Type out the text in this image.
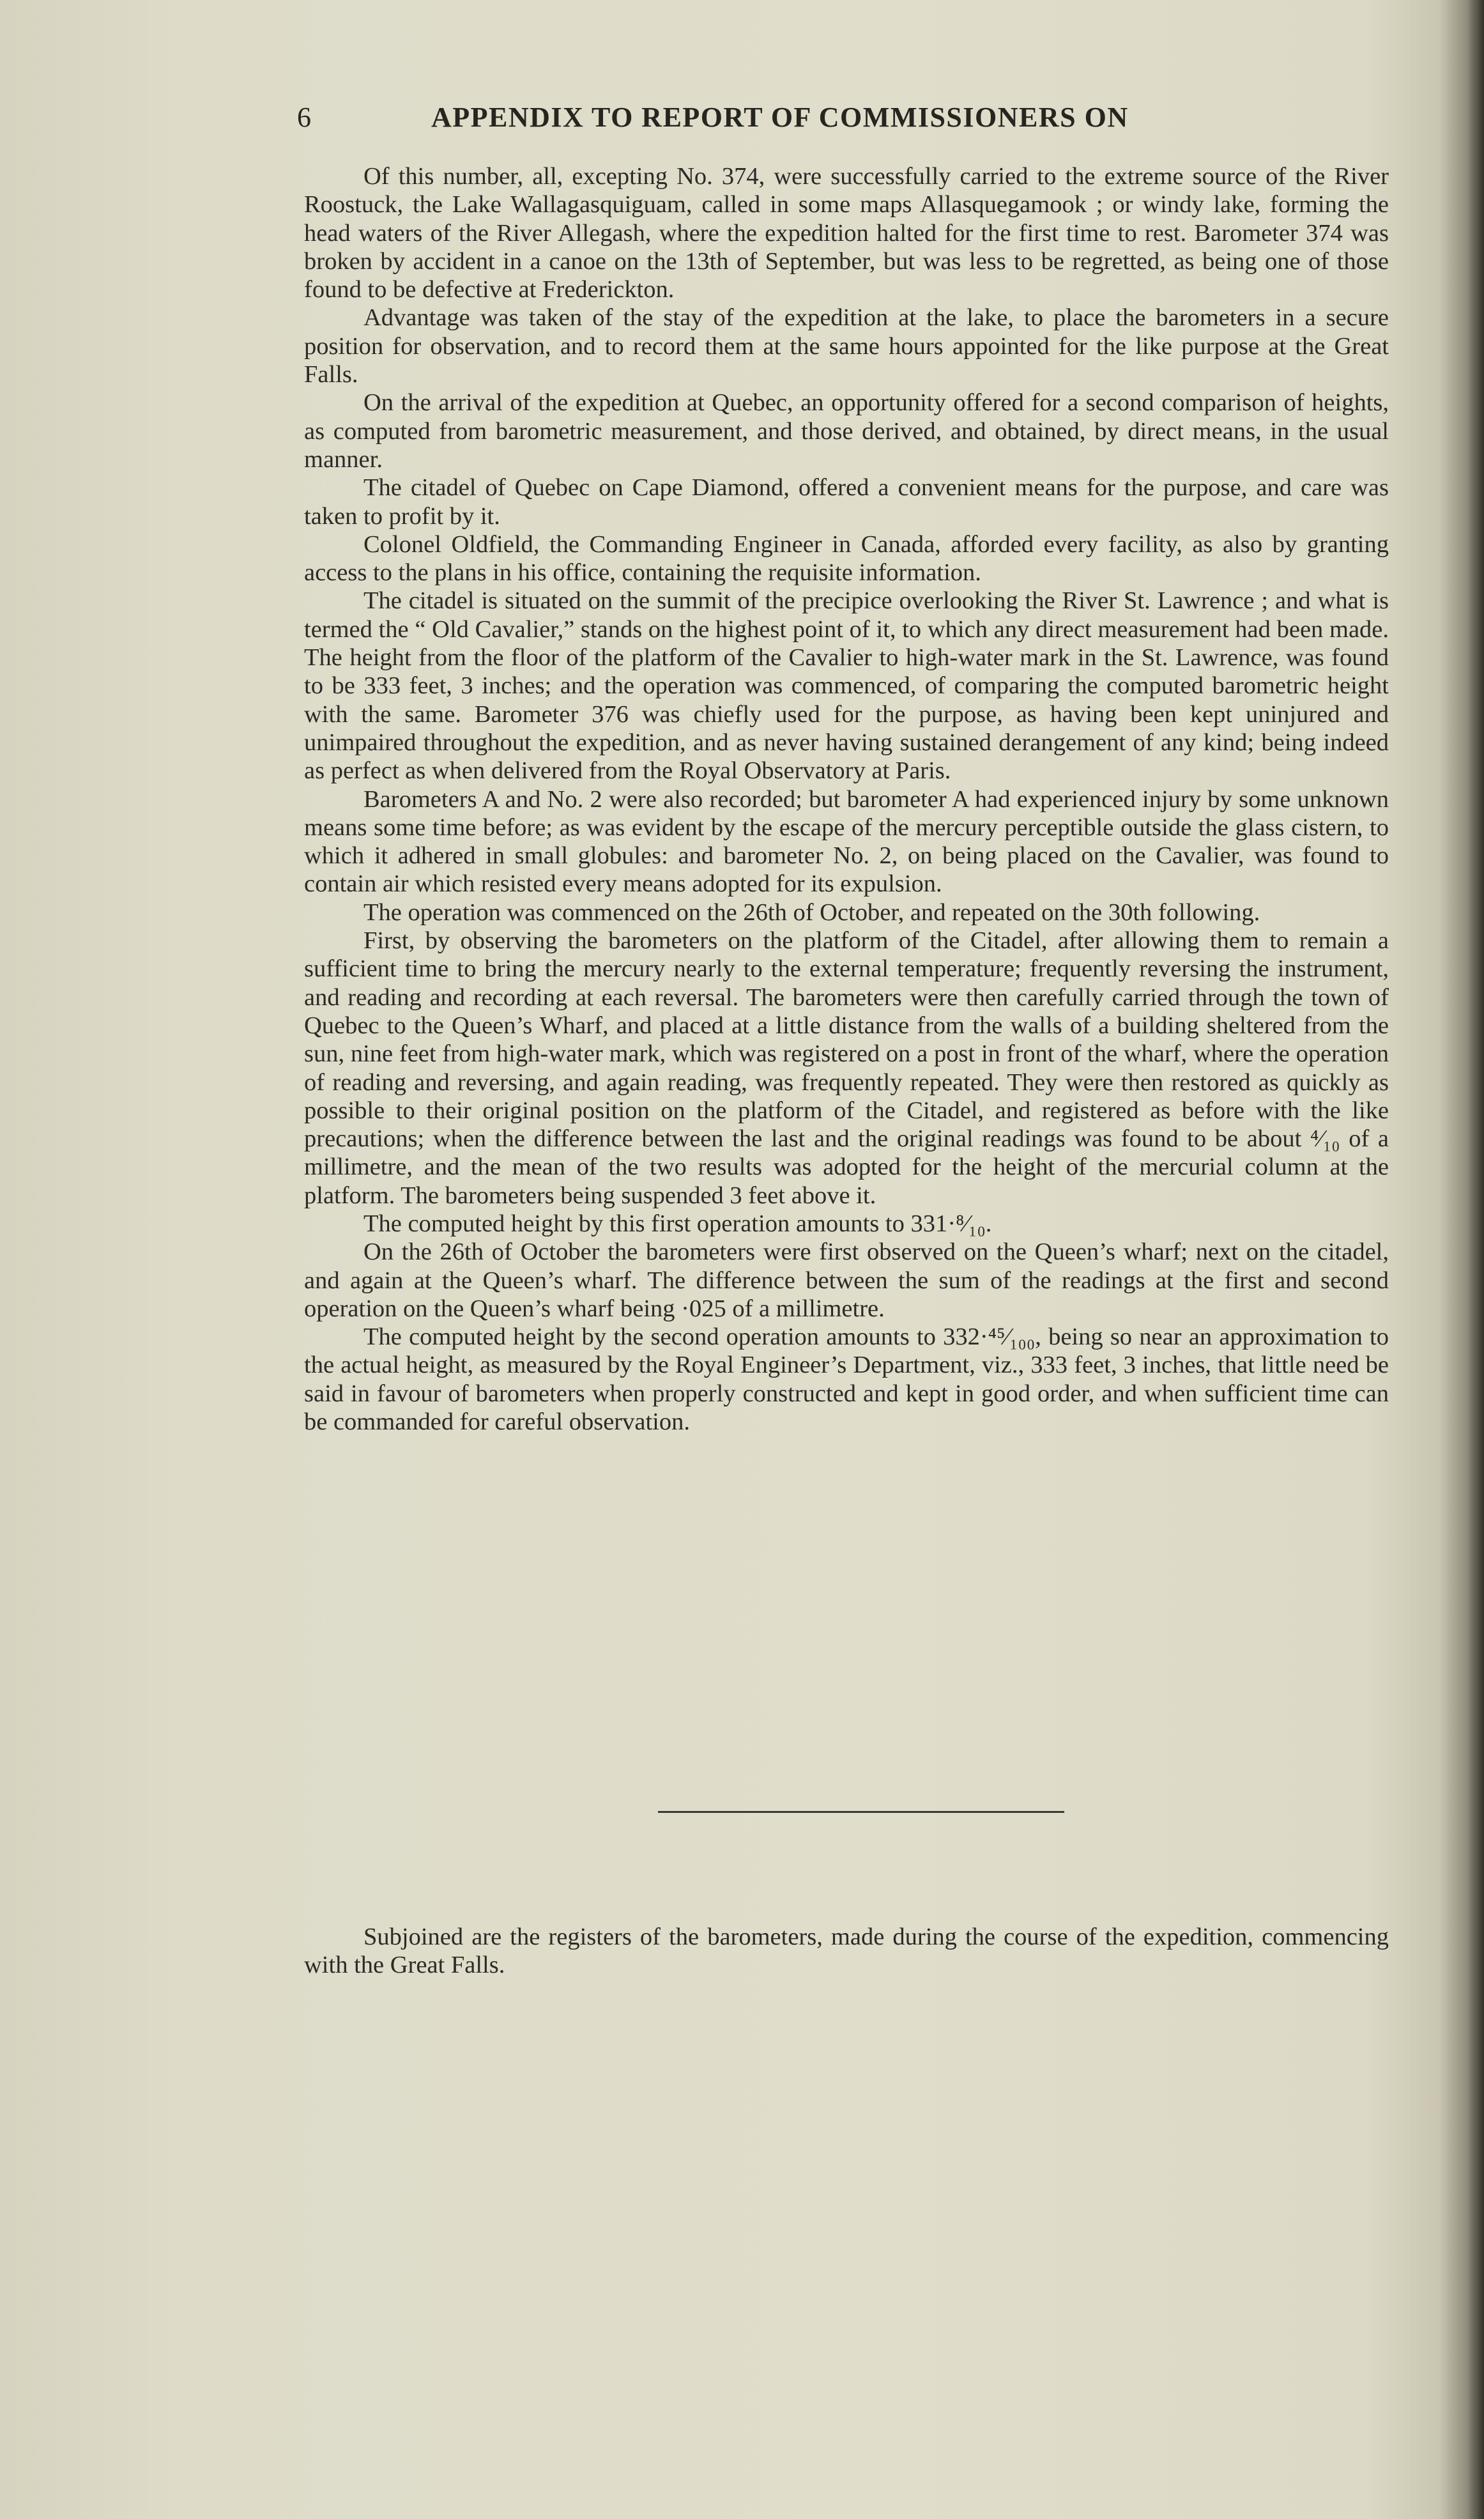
6	APPENDIX TO REPORT OF COMMISSIONERS ON

Of this number, all, excepting No. 374, were successfully carried to the extreme source of the River Roostuck, the Lake Wallagasquiguam, called in some maps Allasquegamook ; or windy lake, forming the head waters of the River Allegash, where the expedition halted for the first time to rest. Barometer 374 was broken by accident in a canoe on the 13th of September, but was less to be regretted, as being one of those found to be defective at Frederickton.

Advantage was taken of the stay of the expedition at the lake, to place the barometers in a secure position for observation, and to record them at the same hours appointed for the like purpose at the Great Falls.

On the arrival of the expedition at Quebec, an opportunity offered for a second comparison of heights, as computed from barometric measurement, and those derived, and obtained, by direct means, in the usual manner.

The citadel of Quebec on Cape Diamond, offered a convenient means for the purpose, and care was taken to profit by it.

Colonel Oldfield, the Commanding Engineer in Canada, afforded every facility, as also by granting access to the plans in his office, containing the requisite information.

The citadel is situated on the summit of the precipice overlooking the River St. Lawrence ; and what is termed the “ Old Cavalier,” stands on the highest point of it, to which any direct measurement had been made. The height from the floor of the platform of the Cavalier to high-water mark in the St. Lawrence, was found to be 333 feet, 3 inches; and the operation was commenced, of comparing the computed barometric height with the same. Barometer 376 was chiefly used for the purpose, as having been kept uninjured and unimpaired throughout the expedition, and as never having sustained derangement of any kind; being indeed as perfect as when delivered from the Royal Observatory at Paris.

Barometers A and No. 2 were also recorded; but barometer A had experienced injury by some unknown means some time before; as was evident by the escape of the mercury perceptible outside the glass cistern, to which it adhered in small globules: and barometer No. 2, on being placed on the Cavalier, was found to contain air which resisted every means adopted for its expulsion.

The operation was commenced on the 26th of October, and repeated on the 30th following.

First, by observing the barometers on the platform of the Citadel, after allowing them to remain a sufficient time to bring the mercury nearly to the external temperature; frequently reversing the instrument, and reading and recording at each reversal. The barometers were then carefully carried through the town of Quebec to the Queen’s Wharf, and placed at a little distance from the walls of a building sheltered from the sun, nine feet from high-water mark, which was registered on a post in front of the wharf, where the operation of reading and reversing, and again reading, was frequently repeated. They were then restored as quickly as possible to their original position on the platform of the Citadel, and registered as before with the like precautions; when the difference between the last and the original readings was found to be about ⁴⁄₁₀ of a millimetre, and the mean of the two results was adopted for the height of the mercurial column at the platform. The barometers being suspended 3 feet above it.

The computed height by this first operation amounts to 331·⁸⁄₁₀.

On the 26th of October the barometers were first observed on the Queen’s wharf; next on the citadel, and again at the Queen’s wharf. The difference between the sum of the readings at the first and second operation on the Queen’s wharf being ·025 of a millimetre.

The computed height by the second operation amounts to 332·⁴⁵⁄₁₀₀, being so near an approximation to the actual height, as measured by the Royal Engineer’s Department, viz., 333 feet, 3 inches, that little need be said in favour of barometers when properly constructed and kept in good order, and when sufficient time can be commanded for careful observation.

Subjoined are the registers of the barometers, made during the course of the expedition, commencing with the Great Falls.
